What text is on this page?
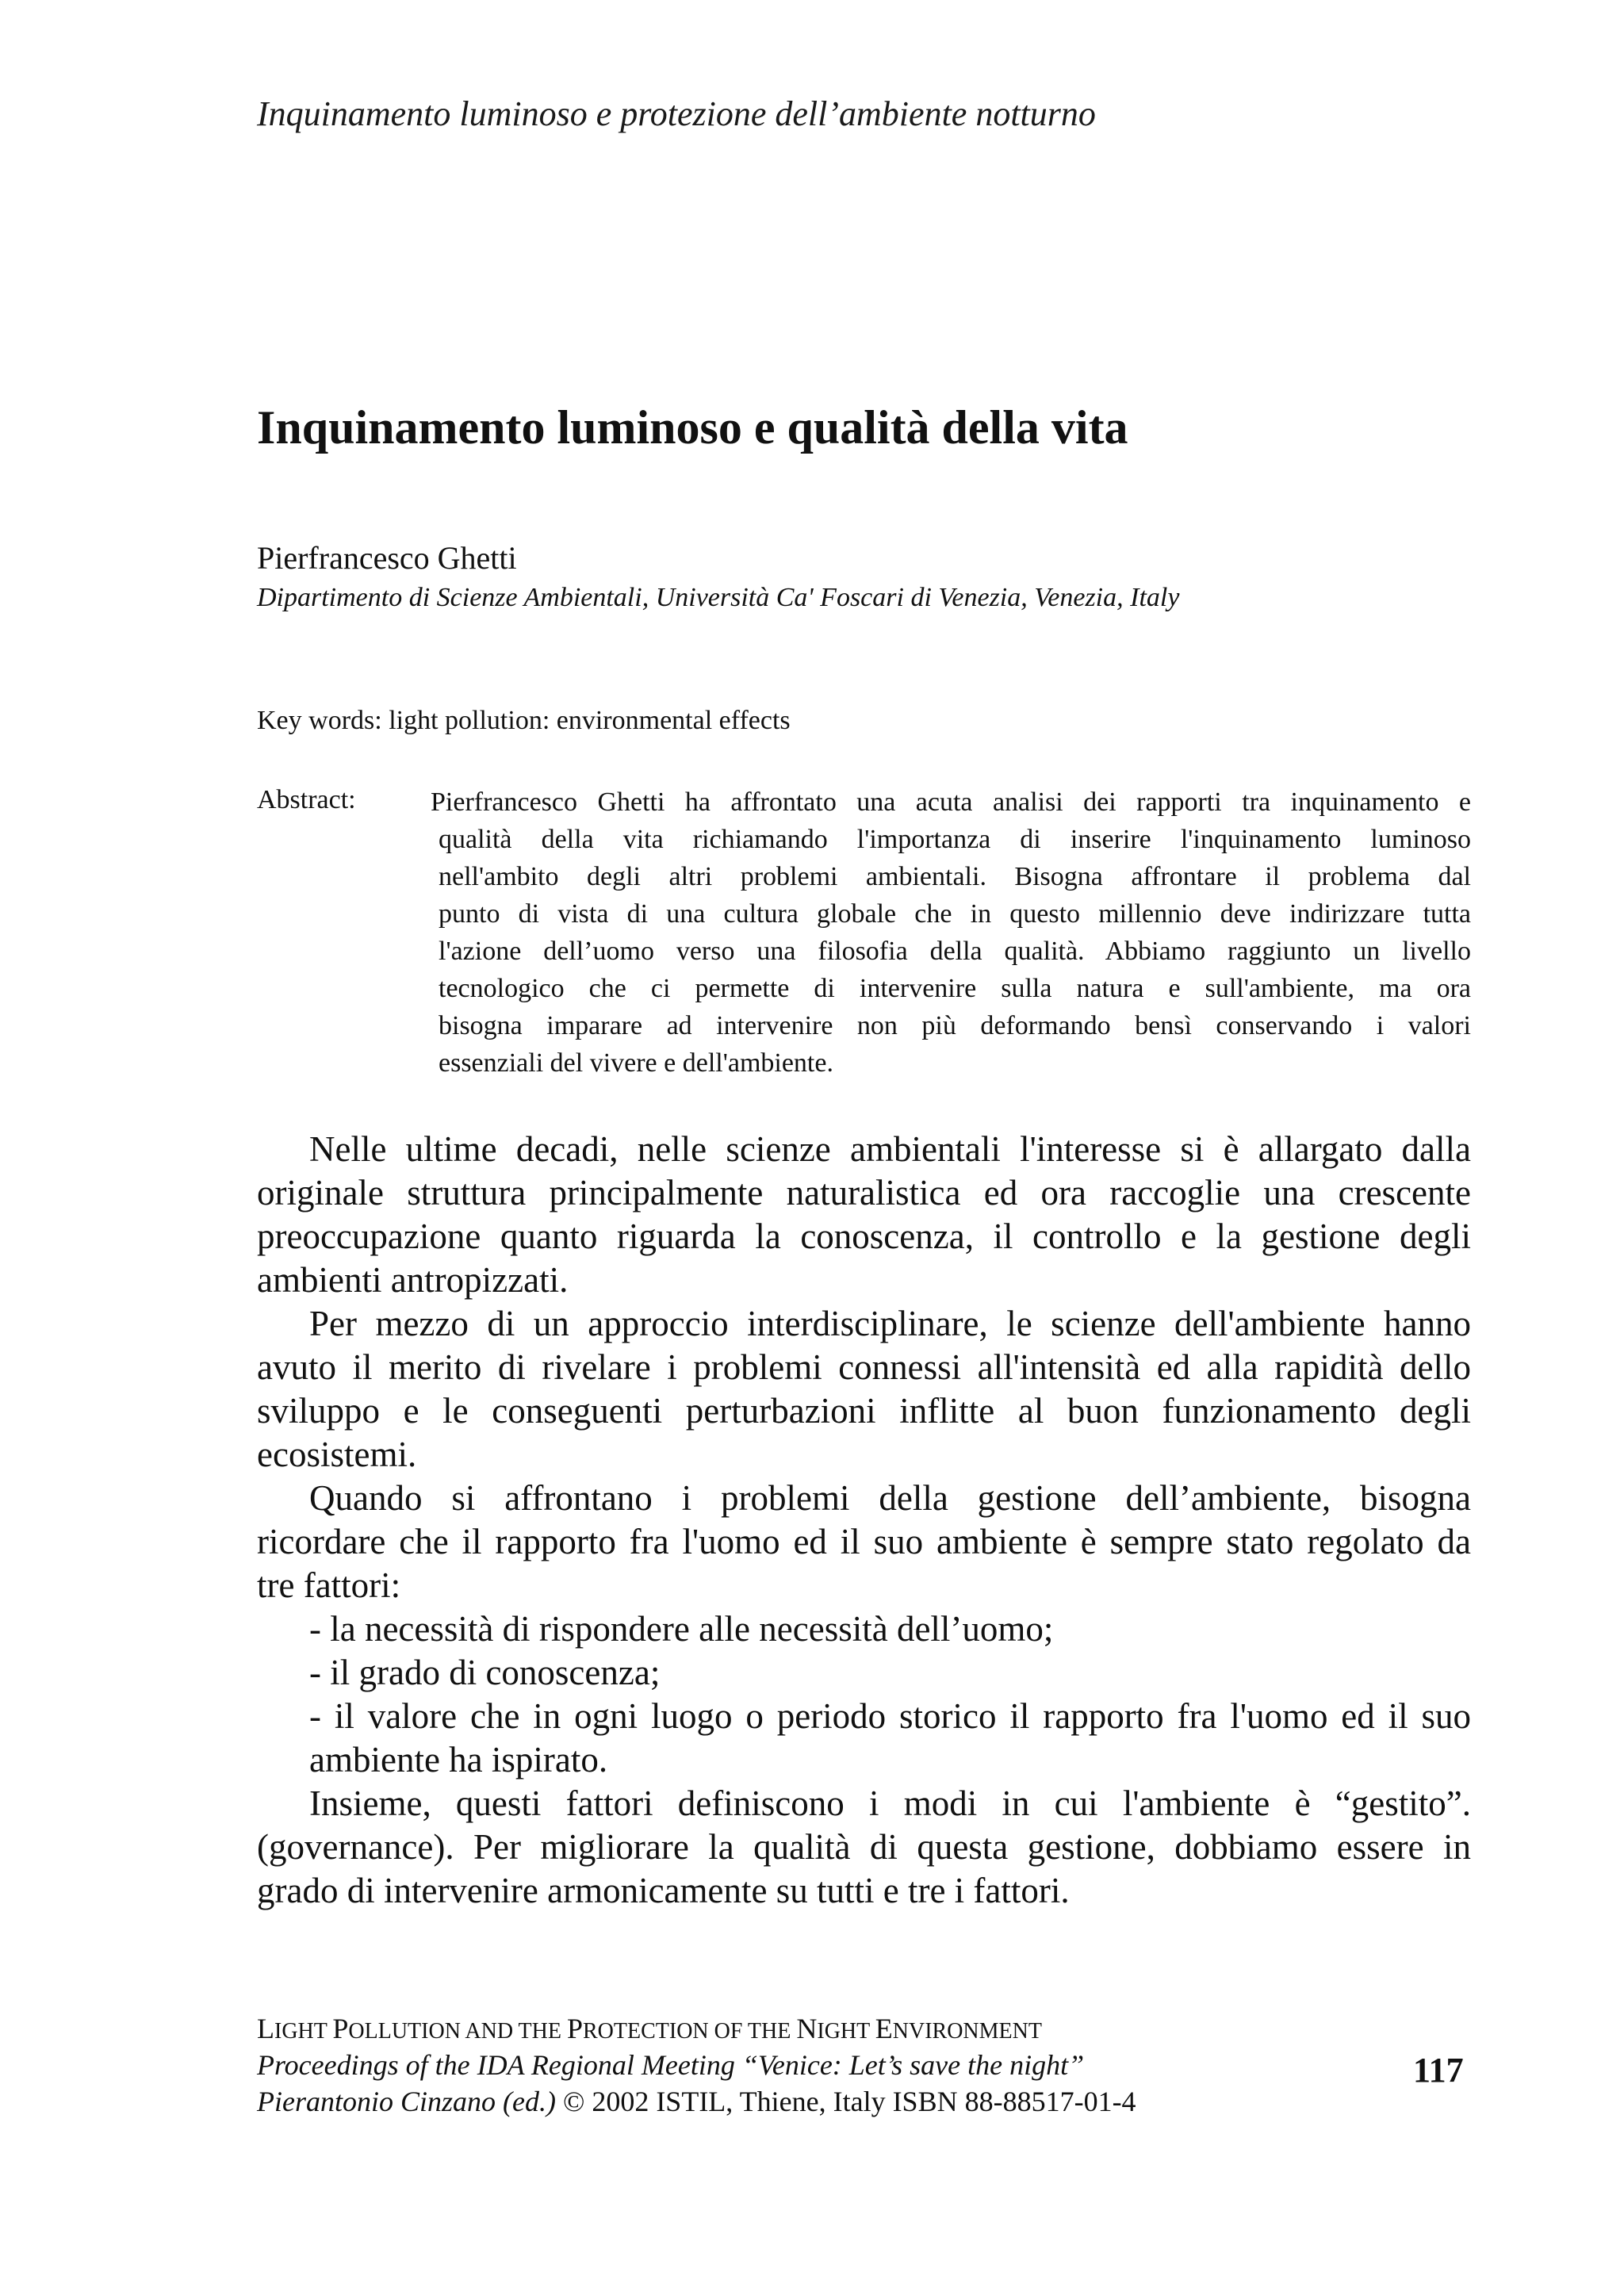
Inquinamento luminoso e protezione dell’ambiente notturno
Inquinamento luminoso e qualità della vita
Pierfrancesco Ghetti
Dipartimento di Scienze Ambientali, Università Ca' Foscari di Venezia, Venezia, Italy
Key words: light pollution: environmental effects
Abstract:	Pierfrancesco Ghetti ha affrontato una acuta analisi dei rapporti tra inquinamento e
qualità della vita richiamando l'importanza di inserire l'inquinamento luminoso
nell'ambito degli altri problemi ambientali. Bisogna affrontare il problema dal
punto di vista di una cultura globale che in questo millennio deve indirizzare tutta
l'azione dell’uomo verso una filosofia della qualità. Abbiamo raggiunto un livello
tecnologico che ci permette di intervenire sulla natura e sull'ambiente, ma ora
bisogna imparare ad intervenire non più deformando bensì conservando i valori
essenziali del vivere e dell'ambiente.
Nelle ultime decadi, nelle scienze ambientali l'interesse si è allargato dalla
originale struttura principalmente naturalistica ed ora raccoglie una crescente
preoccupazione quanto riguarda la conoscenza, il controllo e la gestione degli
ambienti antropizzati.
Per mezzo di un approccio interdisciplinare, le scienze dell'ambiente hanno
avuto il merito di rivelare i problemi connessi all'intensità ed alla rapidità dello
sviluppo e le conseguenti perturbazioni inflitte al buon funzionamento degli
ecosistemi.
Quando si affrontano i problemi della gestione dell’ambiente, bisogna
ricordare che il rapporto fra l'uomo ed il suo ambiente è sempre stato regolato da
tre fattori:
- la necessità di rispondere alle necessità dell’uomo;
- il grado di conoscenza;
- il valore che in ogni luogo o periodo storico il rapporto fra l'uomo ed il suo
ambiente ha ispirato.
Insieme, questi fattori definiscono i modi in cui l'ambiente è “gestito”.
(governance). Per migliorare la qualità di questa gestione, dobbiamo essere in
grado di intervenire armonicamente su tutti e tre i fattori.
LIGHT POLLUTION AND THE PROTECTION OF THE NIGHT ENVIRONMENT
Proceedings of the IDA Regional Meeting “Venice: Let’s save the night”
Pierantonio Cinzano (ed.) © 2002 ISTIL, Thiene, Italy ISBN 88-88517-01-4
117
